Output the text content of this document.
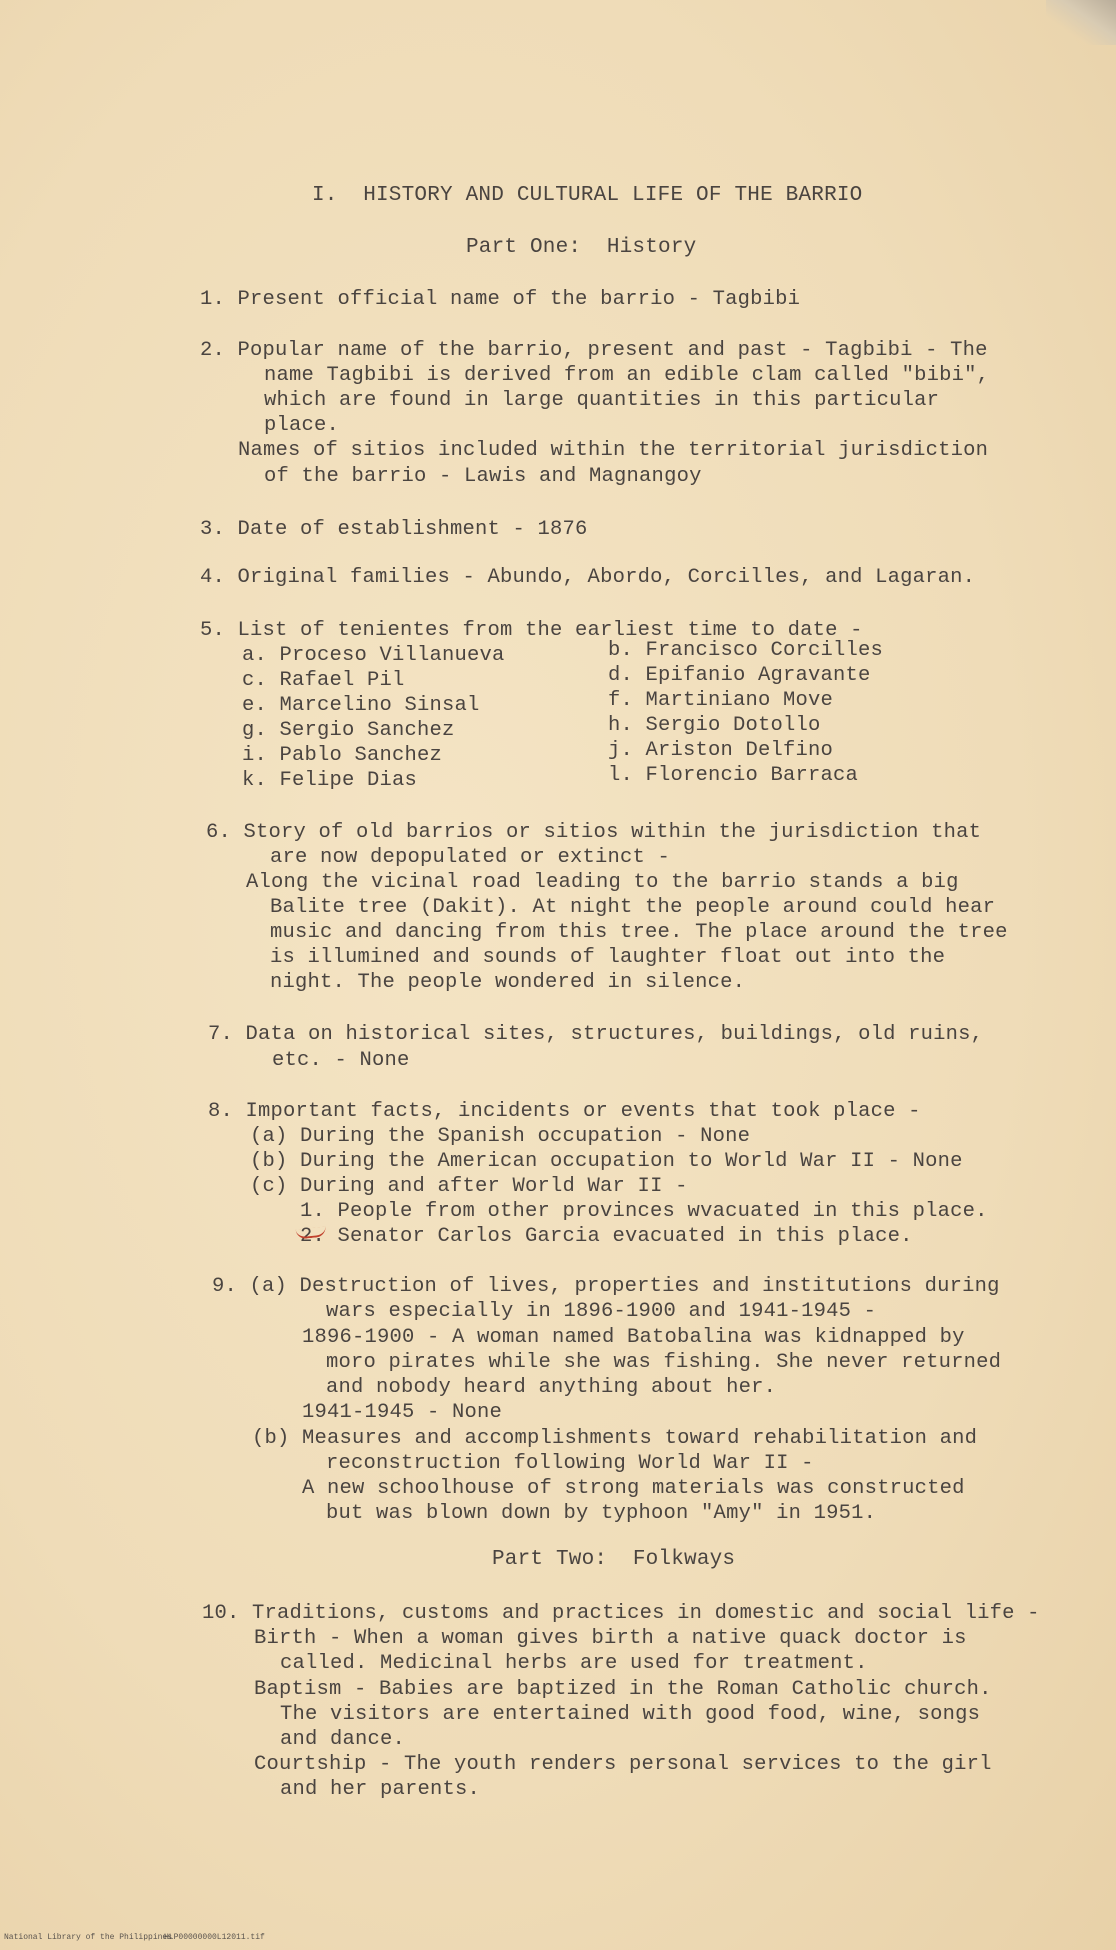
I.  HISTORY AND CULTURAL LIFE OF THE BARRIO
Part One:  History
1. Present official name of the barrio - Tagbibi
2. Popular name of the barrio, present and past - Tagbibi - The
name Tagbibi is derived from an edible clam called "bibi",
which are found in large quantities in this particular
place.
Names of sitios included within the territorial jurisdiction
of the barrio - Lawis and Magnangoy
3. Date of establishment - 1876
4. Original families - Abundo, Abordo, Corcilles, and Lagaran.
5. List of tenientes from the earliest time to date -
a. Proceso Villanueva
c. Rafael Pil
e. Marcelino Sinsal
g. Sergio Sanchez
i. Pablo Sanchez
k. Felipe Dias
b. Francisco Corcilles
d. Epifanio Agravante
f. Martiniano Move
h. Sergio Dotollo
j. Ariston Delfino
l. Florencio Barraca
6. Story of old barrios or sitios within the jurisdiction that
are now depopulated or extinct -
Along the vicinal road leading to the barrio stands a big
Balite tree (Dakit). At night the people around could hear
music and dancing from this tree. The place around the tree
is illumined and sounds of laughter float out into the
night. The people wondered in silence.
7. Data on historical sites, structures, buildings, old ruins,
etc. - None
8. Important facts, incidents or events that took place -
(a) During the Spanish occupation - None
(b) During the American occupation to World War II - None
(c) During and after World War II -
1. People from other provinces wvacuated in this place.
2. Senator Carlos Garcia evacuated in this place.
9. (a) Destruction of lives, properties and institutions during
wars especially in 1896-1900 and 1941-1945 -
1896-1900 - A woman named Batobalina was kidnapped by
moro pirates while she was fishing. She never returned
and nobody heard anything about her.
1941-1945 - None
(b) Measures and accomplishments toward rehabilitation and
reconstruction following World War II -
A new schoolhouse of strong materials was constructed
but was blown down by typhoon "Amy" in 1951.
Part Two:  Folkways
10. Traditions, customs and practices in domestic and social life -
Birth - When a woman gives birth a native quack doctor is
called. Medicinal herbs are used for treatment.
Baptism - Babies are baptized in the Roman Catholic church.
The visitors are entertained with good food, wine, songs
and dance.
Courtship - The youth renders personal services to the girl
and her parents.
National Library of the Philippines
HLP00000000L12011.tif
